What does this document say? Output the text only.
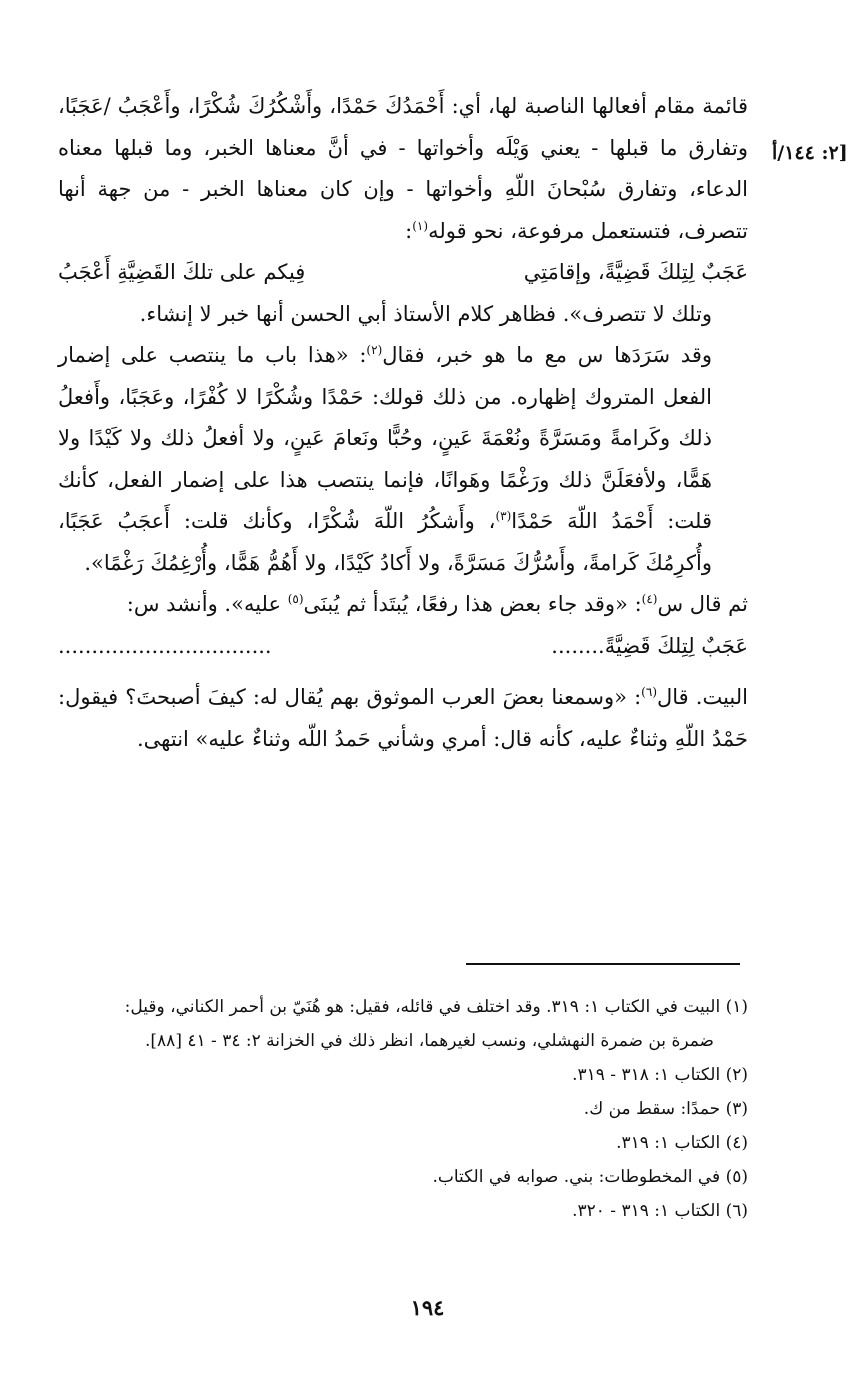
٢: ١٤٤/أ]

قائمة مقام أفعالها الناصبة لها، أي: أَحْمَدُكَ حَمْدًا، وأَشْكُرُكَ شُكْرًا، وأَعْجَبُ /عَجَبًا، وتفارق ما قبلها - يعني وَيْلَه وأخواتها - في أنَّ معناها الخبر، وما قبلها معناه الدعاء، وتفارق سُبْحانَ اللّهِ وأخواتها - وإن كان معناها الخبر - من جهة أنها تتصرف، فتستعمل مرفوعة، نحو قوله$^{(١)}$:

عَجَبٌ لِتِلكَ قَضِيَّةً، وإقامَتِي
فِيكم على تلكَ القَضِيَّةِ أَعْجَبُ

وتلك لا تتصرف». فظاهر كلام الأستاذ أبي الحسن أنها خبر لا إنشاء.

وقد سَرَدَها س مع ما هو خبر، فقال$^{(٢)}$: «هذا باب ما ينتصب على إضمار الفعل المتروك إظهاره. من ذلك قولك: حَمْدًا وشُكْرًا لا كُفْرًا، وعَجَبًا، وأَفعلُ ذلك وكَرامةً ومَسَرَّةً ونُعْمَةَ عَينٍ، وحُبًّا ونَعامَ عَينٍ، ولا أفعلُ ذلك ولا كَيْدًا ولا هَمًّا، ولأفعَلَنَّ ذلك ورَغْمًا وهَوانًا، فإنما ينتصب هذا على إضمار الفعل، كأنك قلت: أَحْمَدُ اللّهَ حَمْدًا$^{(٣)}$، وأَشكُرُ اللّهَ شُكْرًا، وكأنك قلت: أَعجَبُ عَجَبًا، وأُكرِمُكَ كَرامةً، وأَسُرُّكَ مَسَرَّةً، ولا أَكادُ كَيْدًا، ولا أَهُمُّ هَمًّا، وأُرْغِمُكَ رَغْمًا».

ثم قال س$^{(٤)}$: «وقد جاء بعض هذا رفعًا، يُبتَدأ ثم يُبنَى$^{(٥)}$ عليه». وأنشد س:

عَجَبٌ لِتِلكَ قَضِيَّةً........
................................

البيت. قال$^{(٦)}$: «وسمعنا بعضَ العرب الموثوق بهم يُقال له: كيفَ أصبحتَ؟ فيقول: حَمْدُ اللّهِ وثناءٌ عليه، كأنه قال: أمري وشأني حَمدُ اللّه وثناءٌ عليه» انتهى.

(١) البيت في الكتاب ١: ٣١٩. وقد اختلف في قائله، فقيل: هو هُنَيّ بن أحمر الكناني، وقيل:

ضمرة بن ضمرة النهشلي، ونسب لغيرهما، انظر ذلك في الخزانة ٢: ٣٤ - ٤١ [٨٨].

(٢) الكتاب ١: ٣١٨ - ٣١٩.

(٣) حمدًا: سقط من ك.

(٤) الكتاب ١: ٣١٩.

(٥) في المخطوطات: بني. صوابه في الكتاب.

(٦) الكتاب ١: ٣١٩ - ٣٢٠.

١٩٤
